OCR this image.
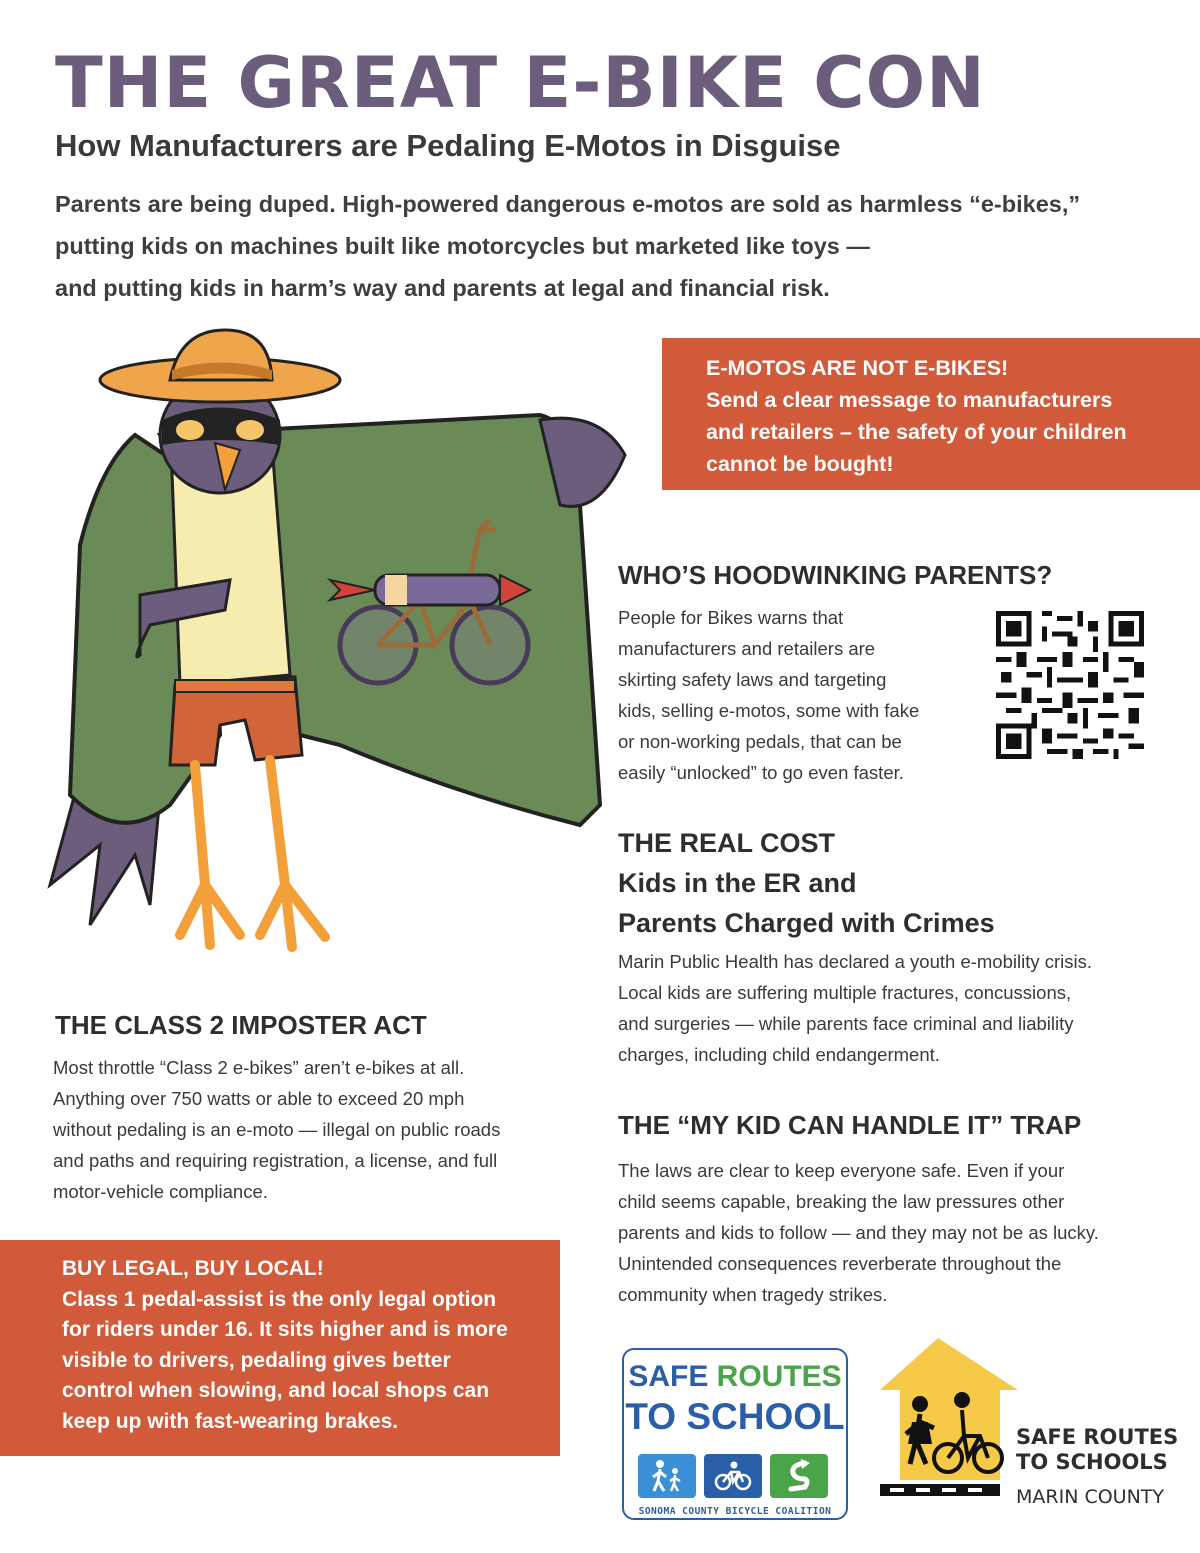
THE GREAT E-BIKE CON
How Manufacturers are Pedaling E-Motos in Disguise

Parents are being duped. High-powered dangerous e-motos are sold as harmless “e-bikes,”
putting kids on machines built like motorcycles but marketed like toys —
and putting kids in harm’s way and parents at legal and financial risk.

E-MOTOS ARE NOT E-BIKES!
Send a clear message to manufacturers
and retailers – the safety of your children
cannot be bought!
WHO’S HOODWINKING PARENTS?

People for Bikes warns that
manufacturers and retailers are
skirting safety laws and targeting
kids, selling e-motos, some with fake
or non-working pedals, that can be
easily “unlocked” to go even faster.

THE REAL COST
Kids in the ER and
Parents Charged with Crimes

Marin Public Health has declared a youth e-mobility crisis.
Local kids are suffering multiple fractures, concussions,
and surgeries — while parents face criminal and liability
charges, including child endangerment.

THE CLASS 2 IMPOSTER ACT

Most throttle “Class 2 e-bikes” aren’t e-bikes at all.
Anything over 750 watts or able to exceed 20 mph
without pedaling is an e-moto — illegal on public roads
and paths and requiring registration, a license, and full
motor-vehicle compliance.

THE “MY KID CAN HANDLE IT” TRAP

The laws are clear to keep everyone safe. Even if your
child seems capable, breaking the law pressures other
parents and kids to follow — and they may not be as lucky.
Unintended consequences reverberate throughout the
community when tragedy strikes.

BUY LEGAL, BUY LOCAL!
Class 1 pedal-assist is the only legal option
for riders under 16. It sits higher and is more
visible to drivers, pedaling gives better
control when slowing, and local shops can
keep up with fast-wearing brakes.
SAFE ROUTES
TO SCHOOL
SONOMA COUNTY BICYCLE COALITION
SAFE ROUTES
TO SCHOOLS
MARIN COUNTY
